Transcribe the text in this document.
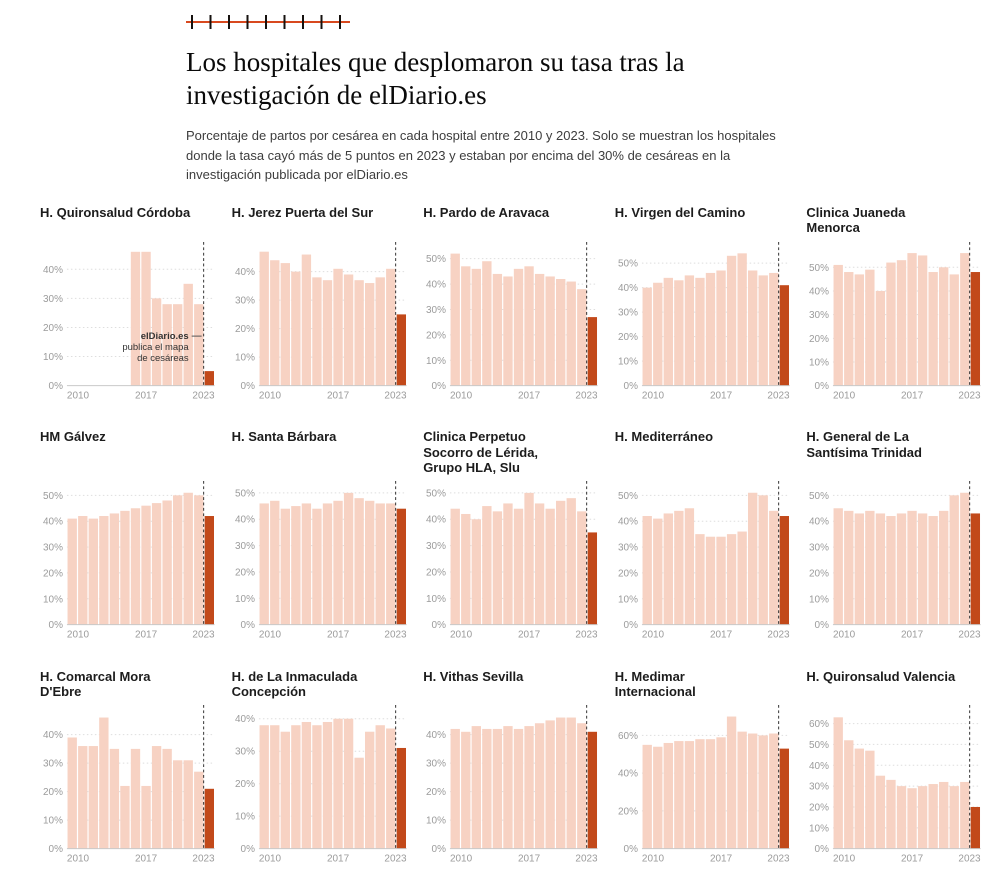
Los hospitales que desplomaron su tasa tras la investigación de elDiario.es

Porcentaje de partos por cesárea en cada hospital entre 2010 y 2023. Solo se muestran los hospitales donde la tasa cayó más de 5 puntos en 2023 y estaban por encima del 30% de cesáreas en la investigación publicada por elDiario.es

H. Quironsalud Córdoba
0%
10%
20%
30%
40%
2010	2017	2023
elDiario.es
publica el mapa
de cesáreas
H. Jerez Puerta del Sur
0%
10%
20%
30%
40%
2010	2017	2023
H. Pardo de Aravaca
0%
10%
20%
30%
40%
50%
2010	2017	2023
H. Virgen del Camino
0%
10%
20%
30%
40%
50%
2010	2017	2023
Clinica Juaneda Menorca
0%
10%
20%
30%
40%
50%
2010	2017	2023
HM Gálvez
0%
10%
20%
30%
40%
50%
2010	2017	2023
H. Santa Bárbara
0%
10%
20%
30%
40%
50%
2010	2017	2023
Clinica Perpetuo Socorro de Lérida, Grupo HLA, Slu
0%
10%
20%
30%
40%
50%
2010	2017	2023
H. Mediterráneo
0%
10%
20%
30%
40%
50%
2010	2017	2023
H. General de La Santísima Trinidad
0%
10%
20%
30%
40%
50%
2010	2017	2023
H. Comarcal Mora D'Ebre
0%
10%
20%
30%
40%
2010	2017	2023
H. de La Inmaculada Concepción
0%
10%
20%
30%
40%
2010	2017	2023
H. Vithas Sevilla
0%
10%
20%
30%
40%
2010	2017	2023
H. Medimar Internacional
0%
20%
40%
60%
2010	2017	2023
H. Quironsalud Valencia
0%
10%
20%
30%
40%
50%
60%
2010	2017	2023
